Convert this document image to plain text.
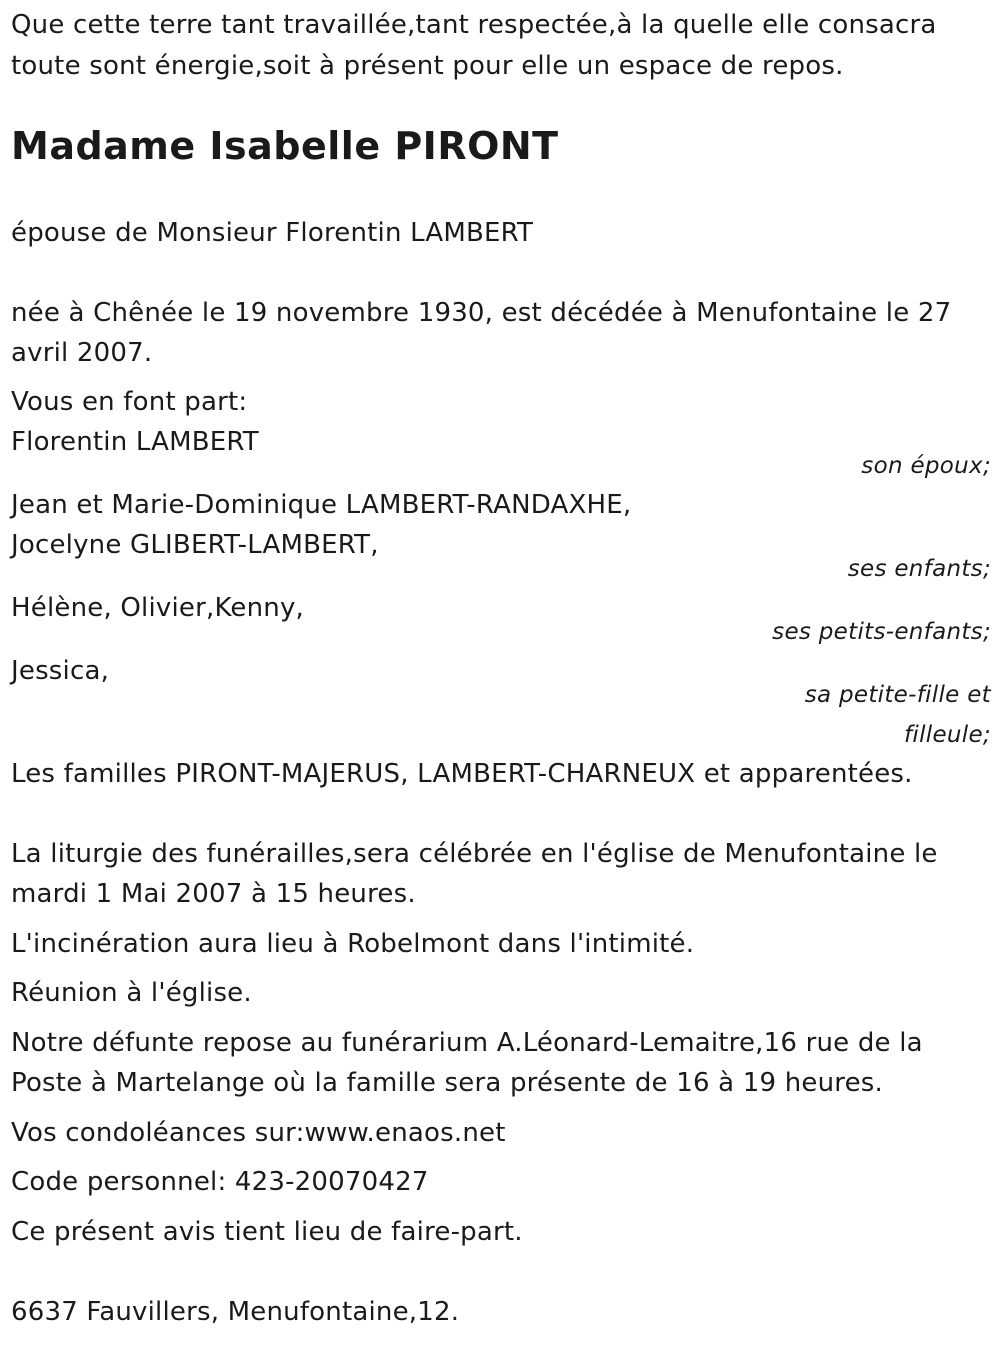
Que cette terre tant travaillée,tant respectée,à la quelle elle consacra

toute sont énergie,soit à présent pour elle un espace de repos.

Madame Isabelle PIRONT

épouse de Monsieur Florentin LAMBERT

née à Chênée le 19 novembre 1930, est décédée à Menufontaine le 27

avril 2007.

Vous en font part:

Florentin LAMBERT

son époux;

Jean et Marie-Dominique LAMBERT-RANDAXHE,

Jocelyne GLIBERT-LAMBERT,

ses enfants;

Hélène, Olivier,Kenny,

ses petits-enfants;

Jessica,

sa petite-fille et
filleule;

Les familles PIRONT-MAJERUS, LAMBERT-CHARNEUX et apparentées.

La liturgie des funérailles,sera célébrée en l'église de Menufontaine le

mardi 1 Mai 2007 à 15 heures.

L'incinération aura lieu à Robelmont dans l'intimité.

Réunion à l'église.

Notre défunte repose au funérarium A.Léonard-Lemaitre,16 rue de la

Poste à Martelange où la famille sera présente de 16 à 19 heures.

Vos condoléances sur:www.enaos.net

Code personnel: 423-20070427

Ce présent avis tient lieu de faire-part.

6637 Fauvillers, Menufontaine,12.
